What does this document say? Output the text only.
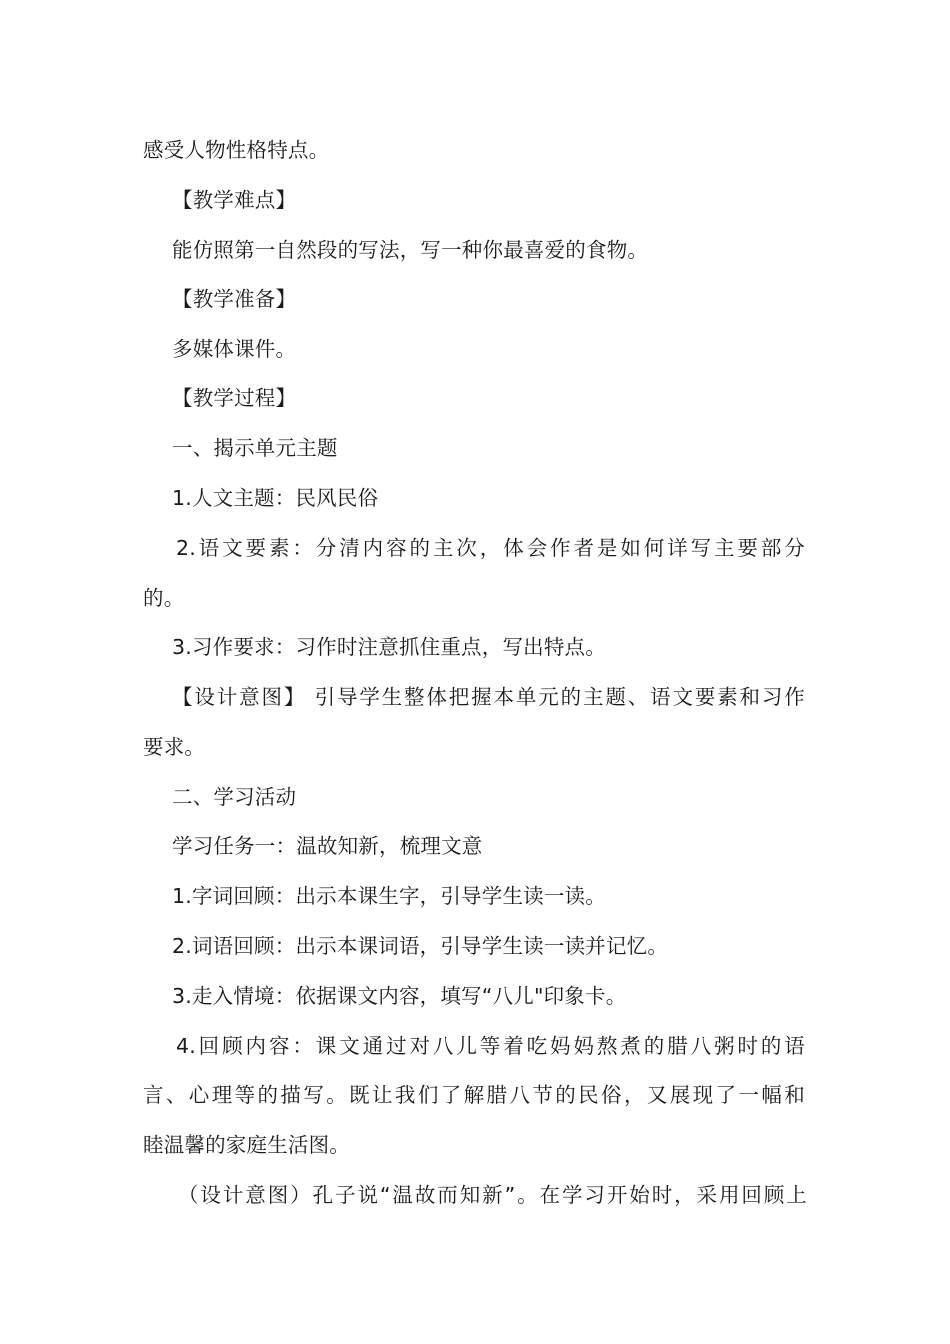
感受人物性格特点。
【教学难点】
能仿照第一自然段的写法，写一种你最喜爱的食物。
【教学准备】
多媒体课件。
【教学过程】
一、揭示单元主题
1.人文主题：民风民俗
2.语文要素：分清内容的主次，体会作者是如何详写主要部分
的。
3.习作要求：习作时注意抓住重点，写出特点。
【设计意图】 引导学生整体把握本单元的主题、语文要素和习作
要求。
二、学习活动
学习任务一：温故知新，梳理文意
1.字词回顾：出示本课生字，引导学生读一读。
2.词语回顾：出示本课词语，引导学生读一读并记忆。
3.走入情境：依据课文内容，填写“八儿"印象卡。
4.回顾内容：课文通过对八儿等着吃妈妈熬煮的腊八粥时的语
言、心理等的描写。既让我们了解腊八节的民俗，又展现了一幅和
睦温馨的家庭生活图。
（设计意图）孔子说“温故而知新”。在学习开始时，采用回顾上
